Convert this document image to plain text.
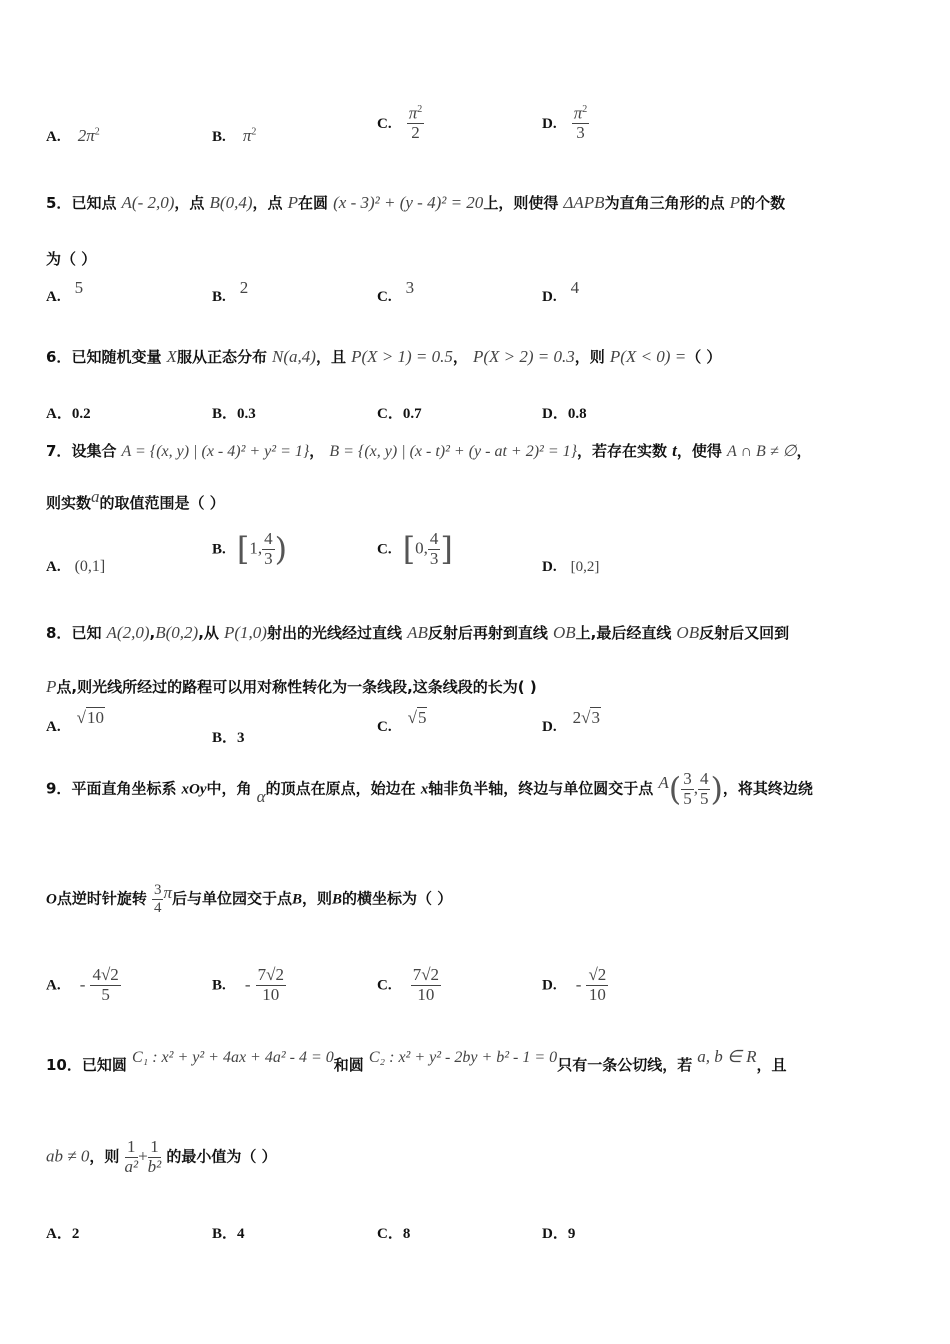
A. $2\pi^2$	B. $\pi^2$
C. $\frac{\pi^2}{2}$	D. $\frac{\pi^2}{3}$
5．已知点 A(- 2,0)，点 B(0,4)，点 P在圆 (x - 3)² + (y - 4)² = 20上，则使得 ΔAPB为直角三角形的点 P的个数
为（ ）
A. 5	B. 2	C. 3	D. 4
6．已知随机变量 X服从正态分布 N(a,4)，且 P(X > 1) = 0.5， P(X > 2) = 0.3，则 P(X < 0) =（ ）
A．0.2	B．0.3	C．0.7	D．0.8
7．设集合 A = {(x, y) | (x - 4)² + y² = 1}， B = {(x, y) | (x - t)² + (y - at + 2)² = 1}，若存在实数 t，使得 A ∩ B ≠ ∅，
则实数a的取值范围是（ ）
A. (0,1]
B. [1, $\frac{4}{3}$ )	C. [0, $\frac{4}{3}$ ]	D. [0,2]
8．已知 A(2,0),B(0,2),从 P(1,0)射出的光线经过直线 AB反射后再射到直线 OB上,最后经直线 OB反射后又回到
P点,则光线所经过的路程可以用对称性转化为一条线段,这条线段的长为( )
A. √10
B．3
C. √5	D. 2√3
9．平面直角坐标系 xOy中，角 α的顶点在原点，始边在 x轴非负半轴，终边与单位圆交于点 $A( \frac{3}{5}$ , $\frac{4}{5}$ )，将其终边绕
O点逆时针旋转 $\frac{3}{4}$ π后与单位园交于点B，则B的横坐标为（ ）
A. - $\frac{4√2}{5}$	B. - $\frac{7√2}{10}$	C. $\frac{7√2}{10}$	D. - $\frac{√2}{10}$
10．已知圆 C₁ : x² + y² + 4ax + 4a² - 4 = 0和圆 C₂ : x² + y² - 2by + b² - 1 = 0只有一条公切线，若 a, b ∈ R，且
ab ≠ 0，则 $\frac{1}{\text{a²}} + \frac{1}{\text{b²}}$ 的最小值为（ ）
A．2	B．4	C．8	D．9
